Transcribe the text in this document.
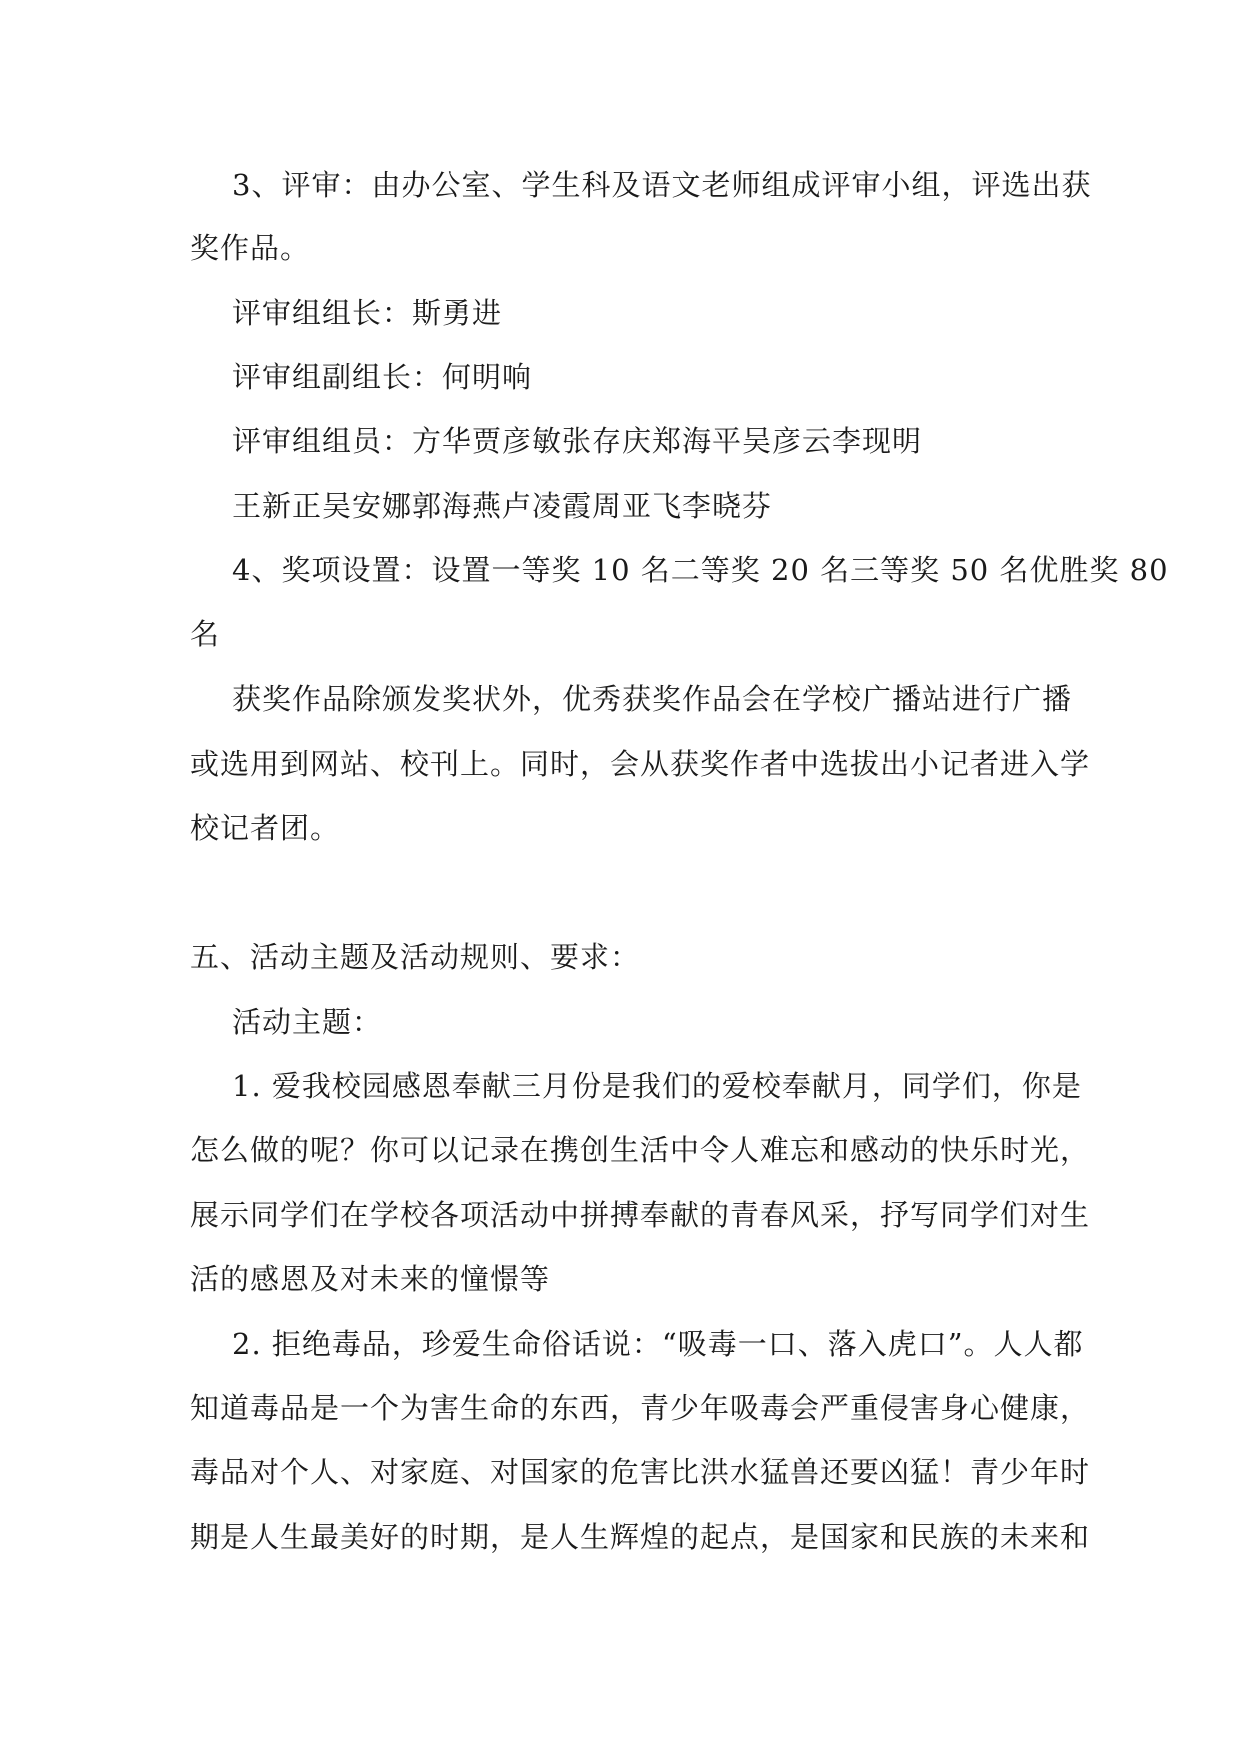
3、评审：由办公室、学生科及语文老师组成评审小组，评选出获
奖作品。
评审组组长：斯勇进
评审组副组长：何明响
评审组组员：方华贾彦敏张存庆郑海平吴彦云李现明
王新正吴安娜郭海燕卢凌霞周亚飞李晓芬
4、奖项设置：设置一等奖 10 名二等奖 20 名三等奖 50 名优胜奖 80
名
获奖作品除颁发奖状外，优秀获奖作品会在学校广播站进行广播
或选用到网站、校刊上。同时，会从获奖作者中选拔出小记者进入学
校记者团。
五、活动主题及活动规则、要求：
活动主题：
1. 爱我校园感恩奉献三月份是我们的爱校奉献月，同学们，你是
怎么做的呢？你可以记录在携创生活中令人难忘和感动的快乐时光，
展示同学们在学校各项活动中拼搏奉献的青春风采，抒写同学们对生
活的感恩及对未来的憧憬等
2. 拒绝毒品，珍爱生命俗话说：“吸毒一口、落入虎口”。人人都
知道毒品是一个为害生命的东西，青少年吸毒会严重侵害身心健康，
毒品对个人、对家庭、对国家的危害比洪水猛兽还要凶猛！青少年时
期是人生最美好的时期，是人生辉煌的起点，是国家和民族的未来和
